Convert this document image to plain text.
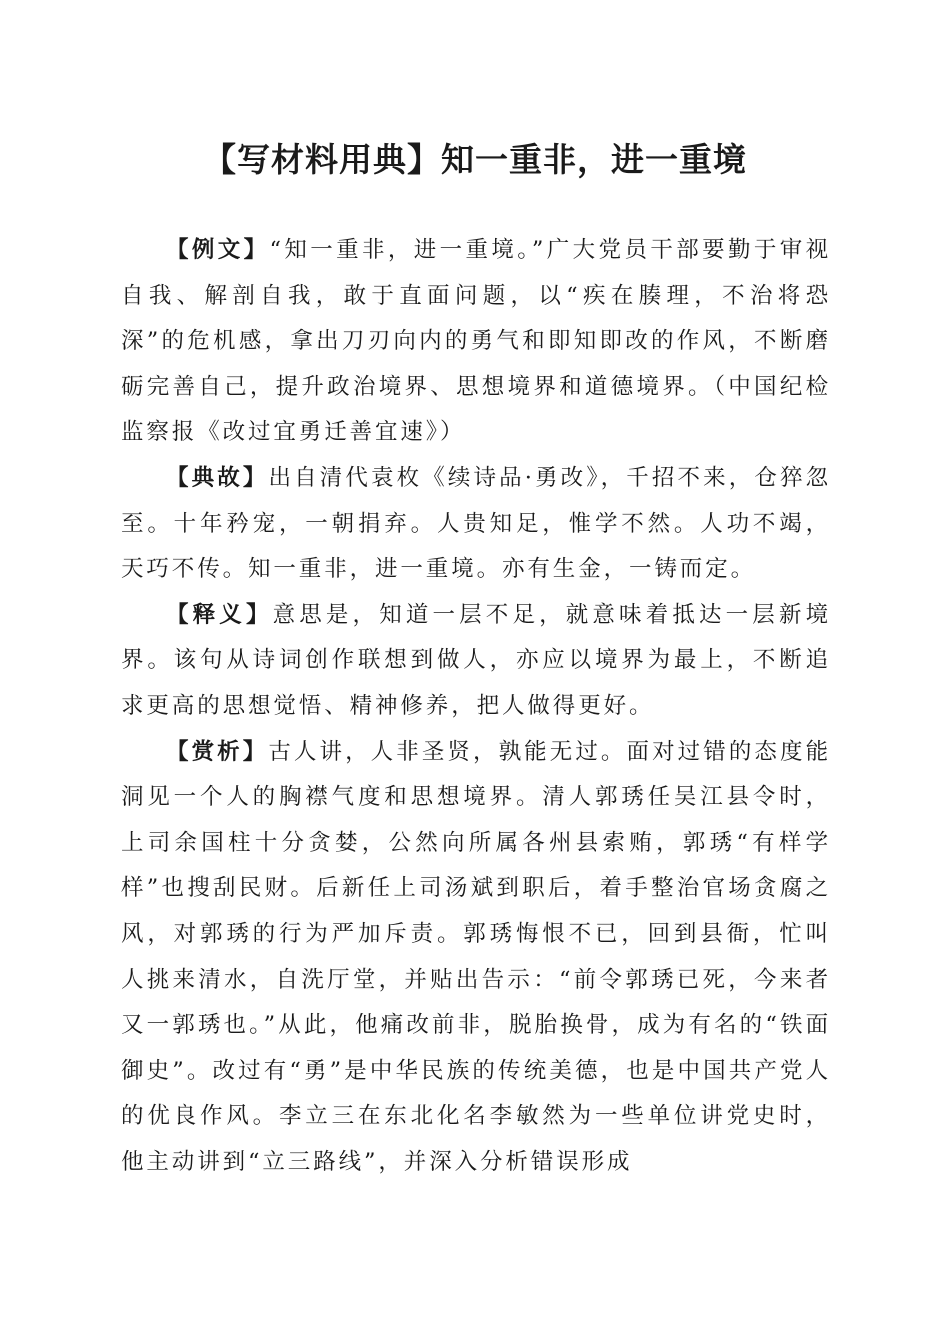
【写材料用典】知一重非，进一重境

【例文】“知一重非，进一重境。”广大党员干部要勤于审视自我、解剖自我，敢于直面问题，以“疾在腠理，不治将恐深”的危机感，拿出刀刃向内的勇气和即知即改的作风，不断磨砺完善自己，提升政治境界、思想境界和道德境界。（中国纪检监察报《改过宜勇迁善宜速》）

【典故】出自清代袁枚《续诗品·勇改》，千招不来，仓猝忽至。十年矜宠，一朝捐弃。人贵知足，惟学不然。人功不竭，天巧不传。知一重非，进一重境。亦有生金，一铸而定。

【释义】意思是，知道一层不足，就意味着抵达一层新境界。该句从诗词创作联想到做人，亦应以境界为最上，不断追求更高的思想觉悟、精神修养，把人做得更好。

【赏析】古人讲，人非圣贤，孰能无过。面对过错的态度能洞见一个人的胸襟气度和思想境界。清人郭琇任吴江县令时，上司余国柱十分贪婪，公然向所属各州县索贿，郭琇“有样学样”也搜刮民财。后新任上司汤斌到职后，着手整治官场贪腐之风，对郭琇的行为严加斥责。郭琇悔恨不已，回到县衙，忙叫人挑来清水，自洗厅堂，并贴出告示：“前令郭琇已死，今来者又一郭琇也。”从此，他痛改前非，脱胎换骨，成为有名的“铁面御史”。改过有“勇”是中华民族的传统美德，也是中国共产党人的优良作风。李立三在东北化名李敏然为一些单位讲党史时，他主动讲到“立三路线”，并深入分析错误形成
